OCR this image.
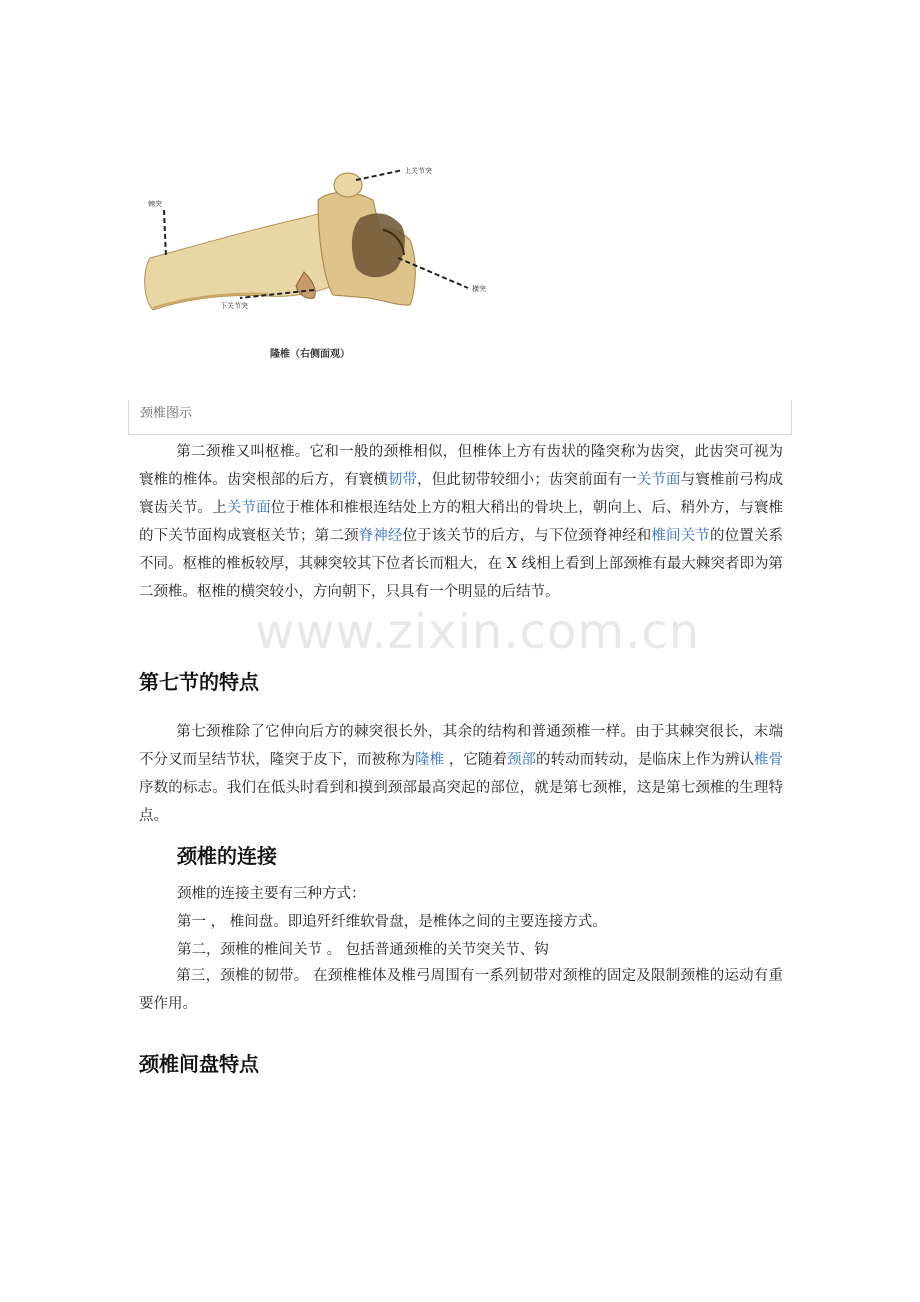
棘突
上关节突
横突
下关节突
隆椎（右侧面观）
颈椎图示

第二颈椎又叫枢椎。它和一般的颈椎相似，但椎体上方有齿状的隆突称为齿突，此齿突可视为寰椎的椎体。齿突根部的后方，有寰横韧带，但此韧带较细小；齿突前面有一关节面与寰椎前弓构成寰齿关节。上关节面位于椎体和椎根连结处上方的粗大稍出的骨块上，朝向上、后、稍外方，与寰椎的下关节面构成寰枢关节；第二颈脊神经位于该关节的后方，与下位颈脊神经和椎间关节的位置关系不同。枢椎的椎板较厚，其棘突较其下位者长而粗大，在 X 线相上看到上部颈椎有最大棘突者即为第二颈椎。枢椎的横突较小，方向朝下，只具有一个明显的后结节。

www.zixin.com.cn
第七节的特点

第七颈椎除了它伸向后方的棘突很长外，其余的结构和普通颈椎一样。由于其棘突很长，末端不分叉而呈结节状，隆突于皮下，而被称为隆椎 ，它随着颈部的转动而转动，是临床上作为辨认椎骨序数的标志。我们在低头时看到和摸到颈部最高突起的部位，就是第七颈椎，这是第七颈椎的生理特点。

颈椎的连接

颈椎的连接主要有三种方式：

第一 ， 椎间盘。即追歼纤维软骨盘，是椎体之间的主要连接方式。

第二，颈椎的椎间关节 。 包括普通颈椎的关节突关节、钩

第三，颈椎的韧带。 在颈椎椎体及椎弓周围有一系列韧带对颈椎的固定及限制颈椎的运动有重要作用。

颈椎间盘特点
